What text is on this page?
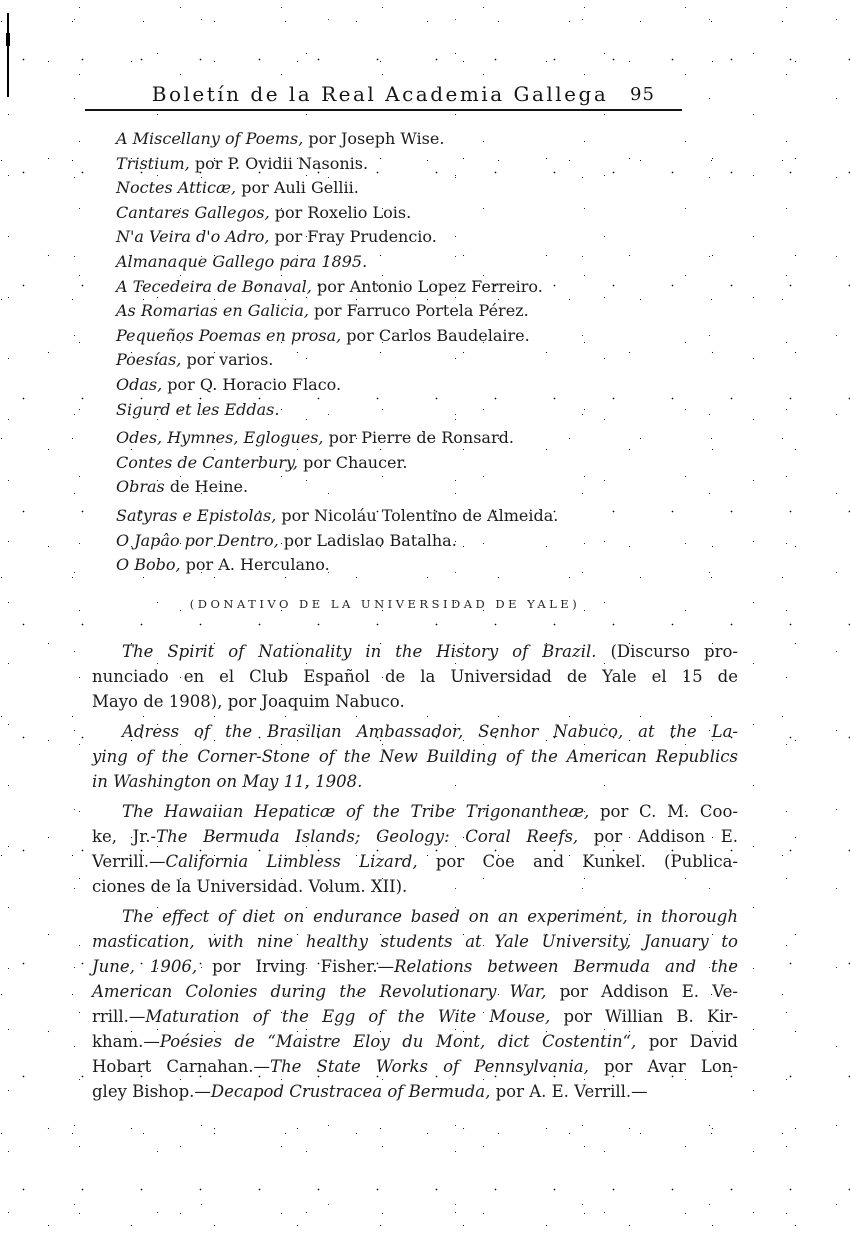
Boletín de la Real Academia Gallega 95
A Miscellany of Poems, por Joseph Wise.
Tristium, por P. Ovidii Nasonis.
Noctes Atticæ, por Auli Gellii.
Cantares Gallegos, por Roxelio Lois.
N'a Veira d'o Adro, por Fray Prudencio.
Almanaque Gallego para 1895.
A Tecedeira de Bonaval, por Antonio Lopez Ferreiro.
As Romarias en Galicia, por Farruco Portela Pérez.
Pequeños Poemas en prosa, por Carlos Baudelaire.
Poesías, por varios.
Odas, por Q. Horacio Flaco.
Sigurd et les Eddas.
Odes, Hymnes, Eglogues, por Pierre de Ronsard.
Contes de Canterbury, por Chaucer.
Obras de Heine.
Satyras e Epistolas, por Nicoláu Tolentino de Almeida.
O Japâo por Dentro, por Ladislao Batalha.
O Bobo, por A. Herculano.
(DONATIVO DE LA UNIVERSIDAD DE YALE)
The Spirit of Nationality in the History of Brazil. (Discurso pro-
nunciado en el Club Español de la Universidad de Yale el 15 de
Mayo de 1908), por Joaquim Nabuco.
Adress of the Brasilian Ambassador, Senhor Nabuco, at the La-
ying of the Corner-Stone of the New Building of the American Republics
in Washington on May 11, 1908.
The Hawaiian Hepaticæ of the Tribe Trigonantheæ, por C. M. Coo-
ke, Jr.-The Bermuda Islands; Geology: Coral Reefs, por Addison E.
Verrill.—California Limbless Lizard, por Coe and Kunkel. (Publica-
ciones de la Universidad. Volum. XII).
The effect of diet on endurance based on an experiment, in thorough
mastication, with nine healthy students at Yale University, January to
June, 1906, por Irving Fisher.—Relations between Bermuda and the
American Colonies during the Revolutionary War, por Addison E. Ve-
rrill.—Maturation of the Egg of the Wite Mouse, por Willian B. Kir-
kham.—Poésies de “Maistre Eloy du Mont, dict Costentin“, por David
Hobart Carnahan.—The State Works of Pennsylvania, por Avar Lon-
gley Bishop.—Decapod Crustracea of Bermuda, por A. E. Verrill.—
